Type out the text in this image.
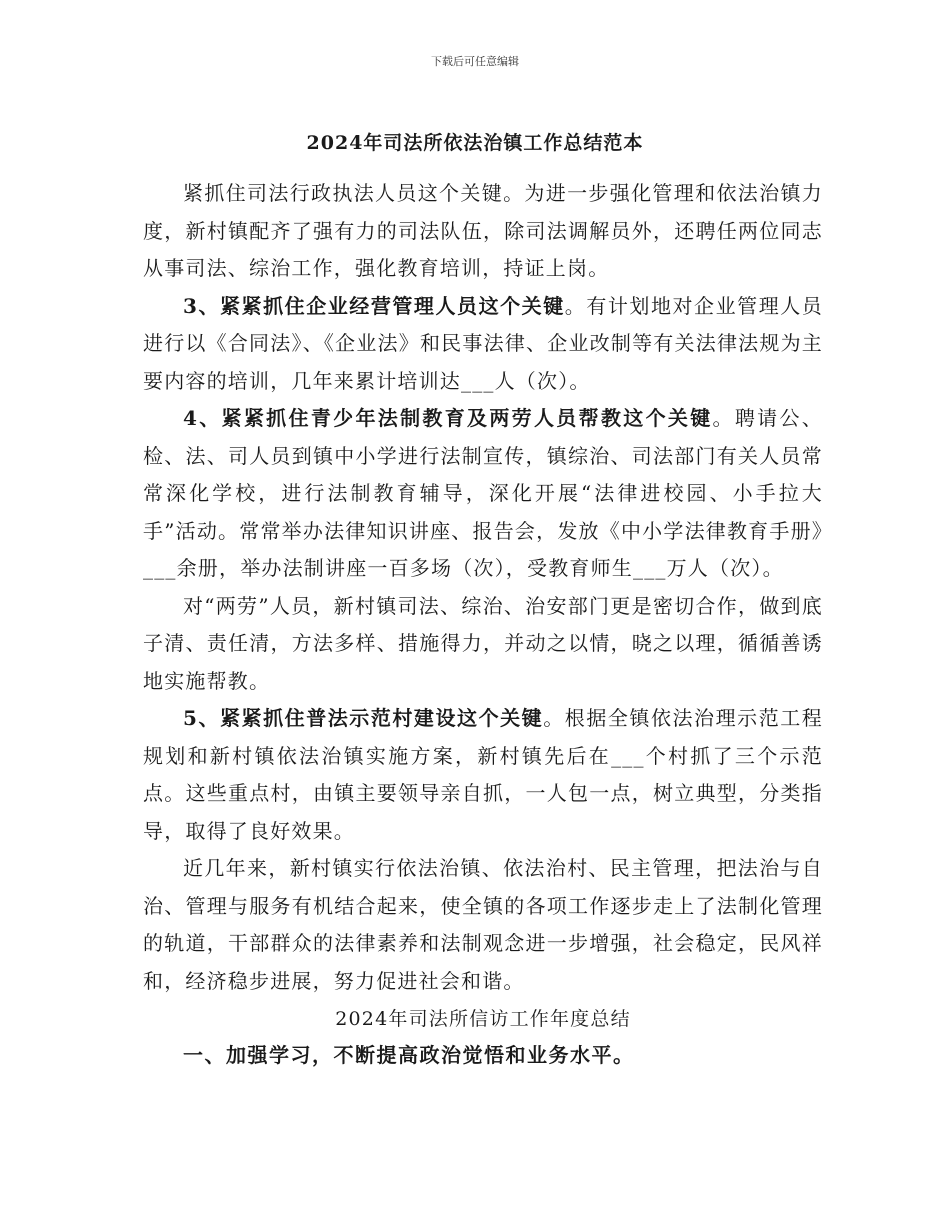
下载后可任意编辑
2024年司法所依法治镇工作总结范本

紧抓住司法行政执法人员这个关键。为进一步强化管理和依法治镇力度，新村镇配齐了强有力的司法队伍，除司法调解员外，还聘任两位同志从事司法、综治工作，强化教育培训，持证上岗。

3、紧紧抓住企业经营管理人员这个关键。有计划地对企业管理人员进行以《合同法》、《企业法》和民事法律、企业改制等有关法律法规为主要内容的培训，几年来累计培训达___人（次）。

4、紧紧抓住青少年法制教育及两劳人员帮教这个关键。聘请公、检、法、司人员到镇中小学进行法制宣传，镇综治、司法部门有关人员常常深化学校，进行法制教育辅导，深化开展“法律进校园、小手拉大手”活动。常常举办法律知识讲座、报告会，发放《中小学法律教育手册》___余册，举办法制讲座一百多场（次），受教育师生___万人（次）。

对“两劳”人员，新村镇司法、综治、治安部门更是密切合作，做到底子清、责任清，方法多样、措施得力，并动之以情，晓之以理，循循善诱地实施帮教。

5、紧紧抓住普法示范村建设这个关键。根据全镇依法治理示范工程规划和新村镇依法治镇实施方案，新村镇先后在___个村抓了三个示范点。这些重点村，由镇主要领导亲自抓，一人包一点，树立典型，分类指导，取得了良好效果。

近几年来，新村镇实行依法治镇、依法治村、民主管理，把法治与自治、管理与服务有机结合起来，使全镇的各项工作逐步走上了法制化管理的轨道，干部群众的法律素养和法制观念进一步增强，社会稳定，民风祥和，经济稳步进展，努力促进社会和谐。

2024年司法所信访工作年度总结

一、加强学习，不断提高政治觉悟和业务水平。
